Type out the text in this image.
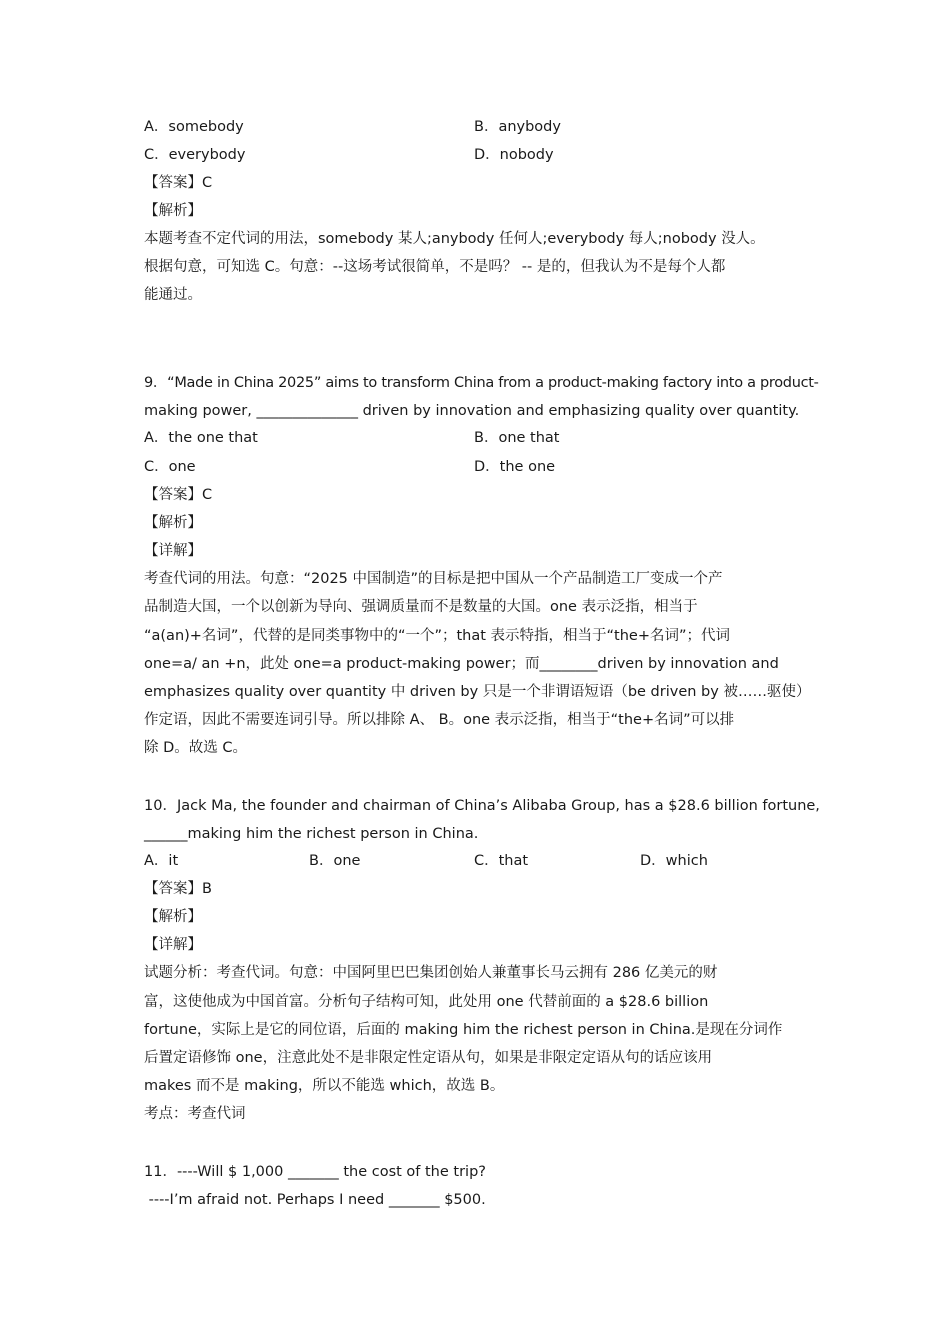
A．somebody	B．anybody
C．everybody	D．nobody
【答案】C
【解析】
本题考查不定代词的用法，somebody 某人;anybody 任何人;everybody 每人;nobody 没人。
根据句意，可知选 C。句意：--这场考试很简单，不是吗？ -- 是的，但我认为不是每个人都
能通过。
9．“Made in China 2025” aims to transform China from a product-making factory into a product-
making power, ______________ driven by innovation and emphasizing quality over quantity.
A．the one that	B．one that
C．one	D．the one
【答案】C
【解析】
【详解】
考查代词的用法。句意：“2025 中国制造”的目标是把中国从一个产品制造工厂变成一个产
品制造大国，一个以创新为导向、强调质量而不是数量的大国。one 表示泛指，相当于
“a(an)+名词”，代替的是同类事物中的“一个”；that 表示特指，相当于“the+名词”；代词
one=a/ an +n，此处 one=a product-making power；而________driven by innovation and
emphasizes quality over quantity 中 driven by 只是一个非谓语短语（be driven by 被……驱使）
作定语，因此不需要连词引导。所以排除 A、 B。one 表示泛指，相当于“the+名词”可以排
除 D。故选 C。
10．Jack Ma, the founder and chairman of China’s Alibaba Group, has a $28.6 billion fortune,
______making him the richest person in China.
A．it	B．one	C．that	D．which
【答案】B
【解析】
【详解】
试题分析：考查代词。句意：中国阿里巴巴集团创始人兼董事长马云拥有 286 亿美元的财
富，这使他成为中国首富。分析句子结构可知，此处用 one 代替前面的 a $28.6 billion
fortune，实际上是它的同位语，后面的 making him the richest person in China.是现在分词作
后置定语修饰 one，注意此处不是非限定性定语从句，如果是非限定定语从句的话应该用
makes 而不是 making，所以不能选 which，故选 B。
考点：考查代词
11．----Will $ 1,000 _______ the cost of the trip?
----I’m afraid not. Perhaps I need _______ $500.
